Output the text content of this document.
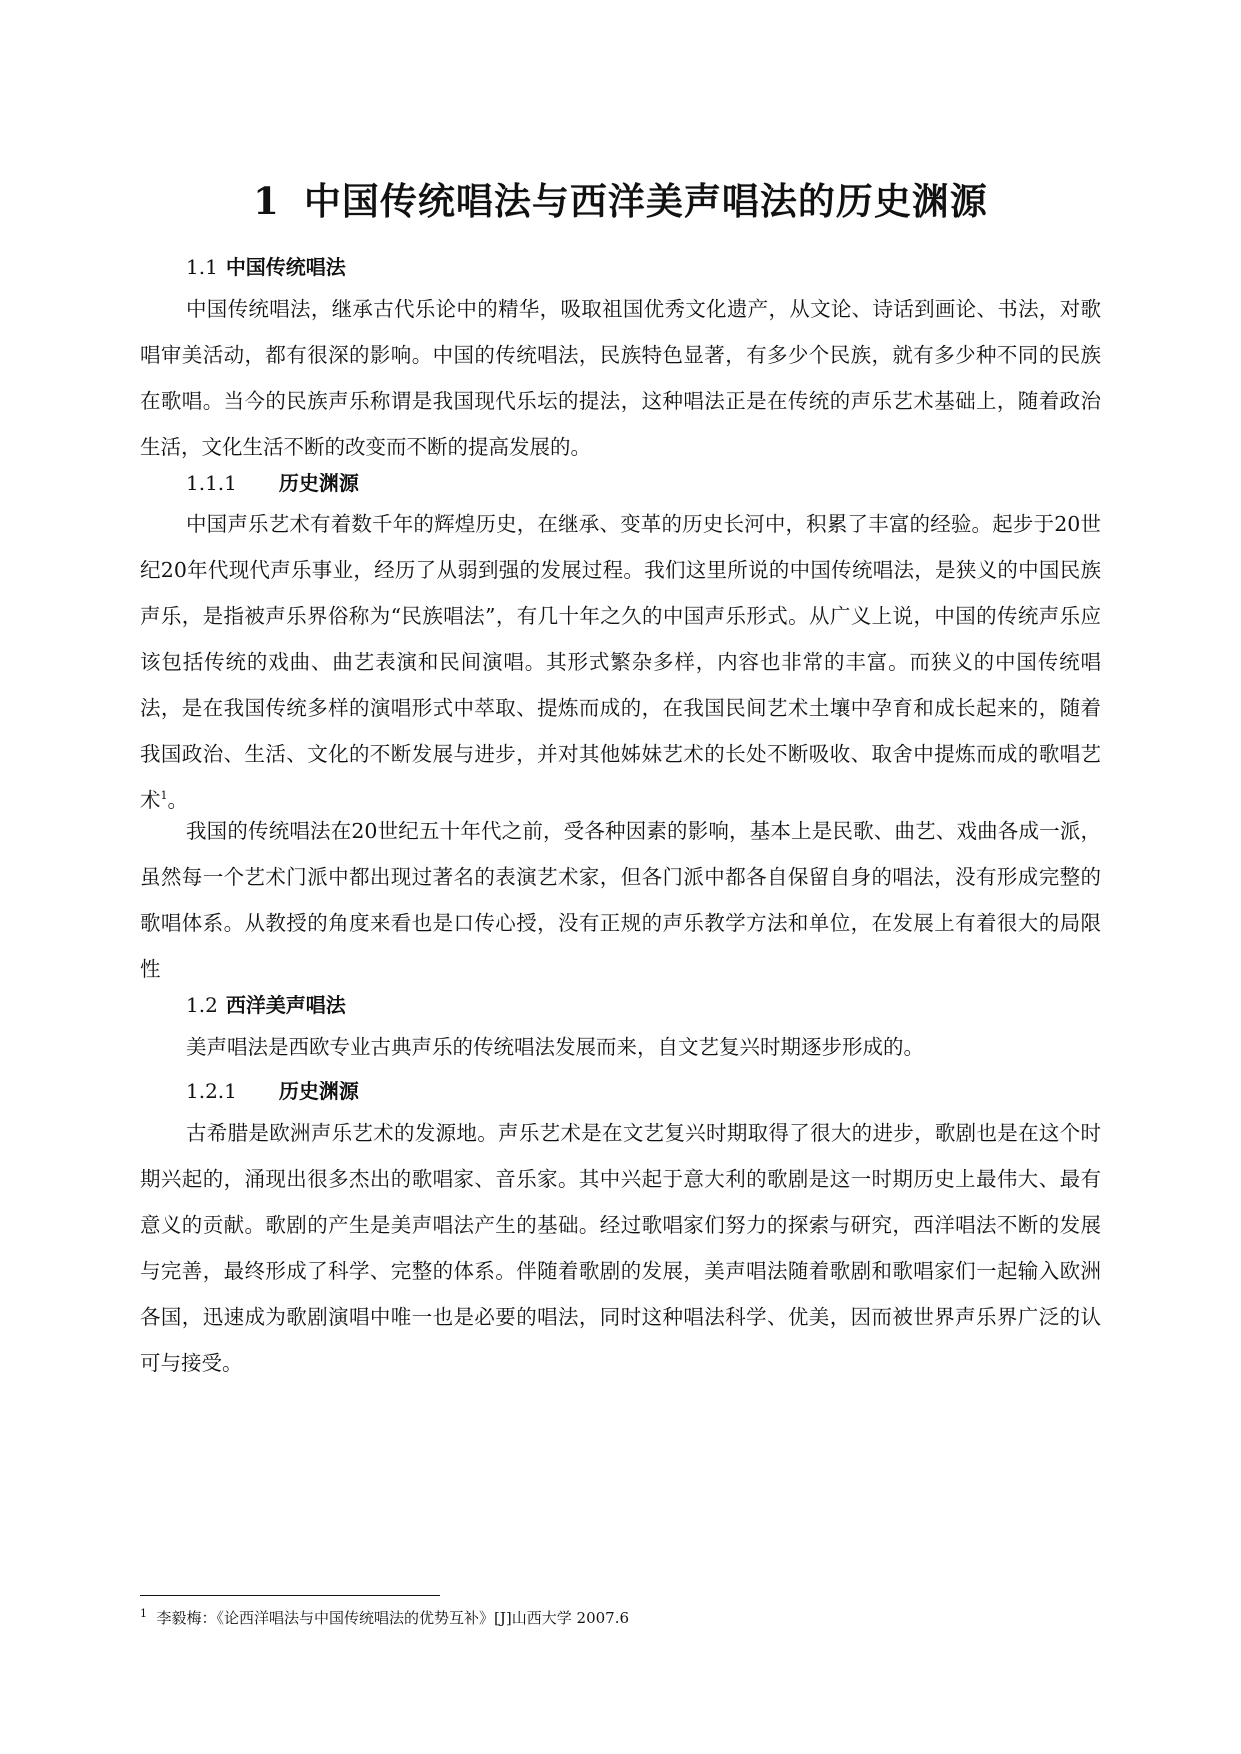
1 中国传统唱法与西洋美声唱法的历史渊源
1.1 中国传统唱法

中国传统唱法，继承古代乐论中的精华，吸取祖国优秀文化遗产，从文论、诗话到画论、书法，对歌唱审美活动，都有很深的影响。中国的传统唱法，民族特色显著，有多少个民族，就有多少种不同的民族在歌唱。当今的民族声乐称谓是我国现代乐坛的提法，这种唱法正是在传统的声乐艺术基础上，随着政治生活，文化生活不断的改变而不断的提高发展的。

1.1.1 历史渊源

中国声乐艺术有着数千年的辉煌历史，在继承、变革的历史长河中，积累了丰富的经验。起步于20世纪20年代现代声乐事业，经历了从弱到强的发展过程。我们这里所说的中国传统唱法，是狭义的中国民族声乐，是指被声乐界俗称为“民族唱法”，有几十年之久的中国声乐形式。从广义上说，中国的传统声乐应该包括传统的戏曲、曲艺表演和民间演唱。其形式繁杂多样，内容也非常的丰富。而狭义的中国传统唱法，是在我国传统多样的演唱形式中萃取、提炼而成的，在我国民间艺术土壤中孕育和成长起来的，随着我国政治、生活、文化的不断发展与进步，并对其他姊妹艺术的长处不断吸收、取舍中提炼而成的歌唱艺术$^1$。

我国的传统唱法在20世纪五十年代之前，受各种因素的影响，基本上是民歌、曲艺、戏曲各成一派，虽然每一个艺术门派中都出现过著名的表演艺术家，但各门派中都各自保留自身的唱法，没有形成完整的歌唱体系。从教授的角度来看也是口传心授，没有正规的声乐教学方法和单位，在发展上有着很大的局限性

1.2 西洋美声唱法

美声唱法是西欧专业古典声乐的传统唱法发展而来，自文艺复兴时期逐步形成的。

1.2.1 历史渊源

古希腊是欧洲声乐艺术的发源地。声乐艺术是在文艺复兴时期取得了很大的进步，歌剧也是在这个时期兴起的，涌现出很多杰出的歌唱家、音乐家。其中兴起于意大利的歌剧是这一时期历史上最伟大、最有意义的贡献。歌剧的产生是美声唱法产生的基础。经过歌唱家们努力的探索与研究，西洋唱法不断的发展与完善，最终形成了科学、完整的体系。伴随着歌剧的发展，美声唱法随着歌剧和歌唱家们一起输入欧洲各国，迅速成为歌剧演唱中唯一也是必要的唱法，同时这种唱法科学、优美，因而被世界声乐界广泛的认可与接受。

$^1$ 李毅梅：《论西洋唱法与中国传统唱法的优势互补》[J]山西大学 2007.6
